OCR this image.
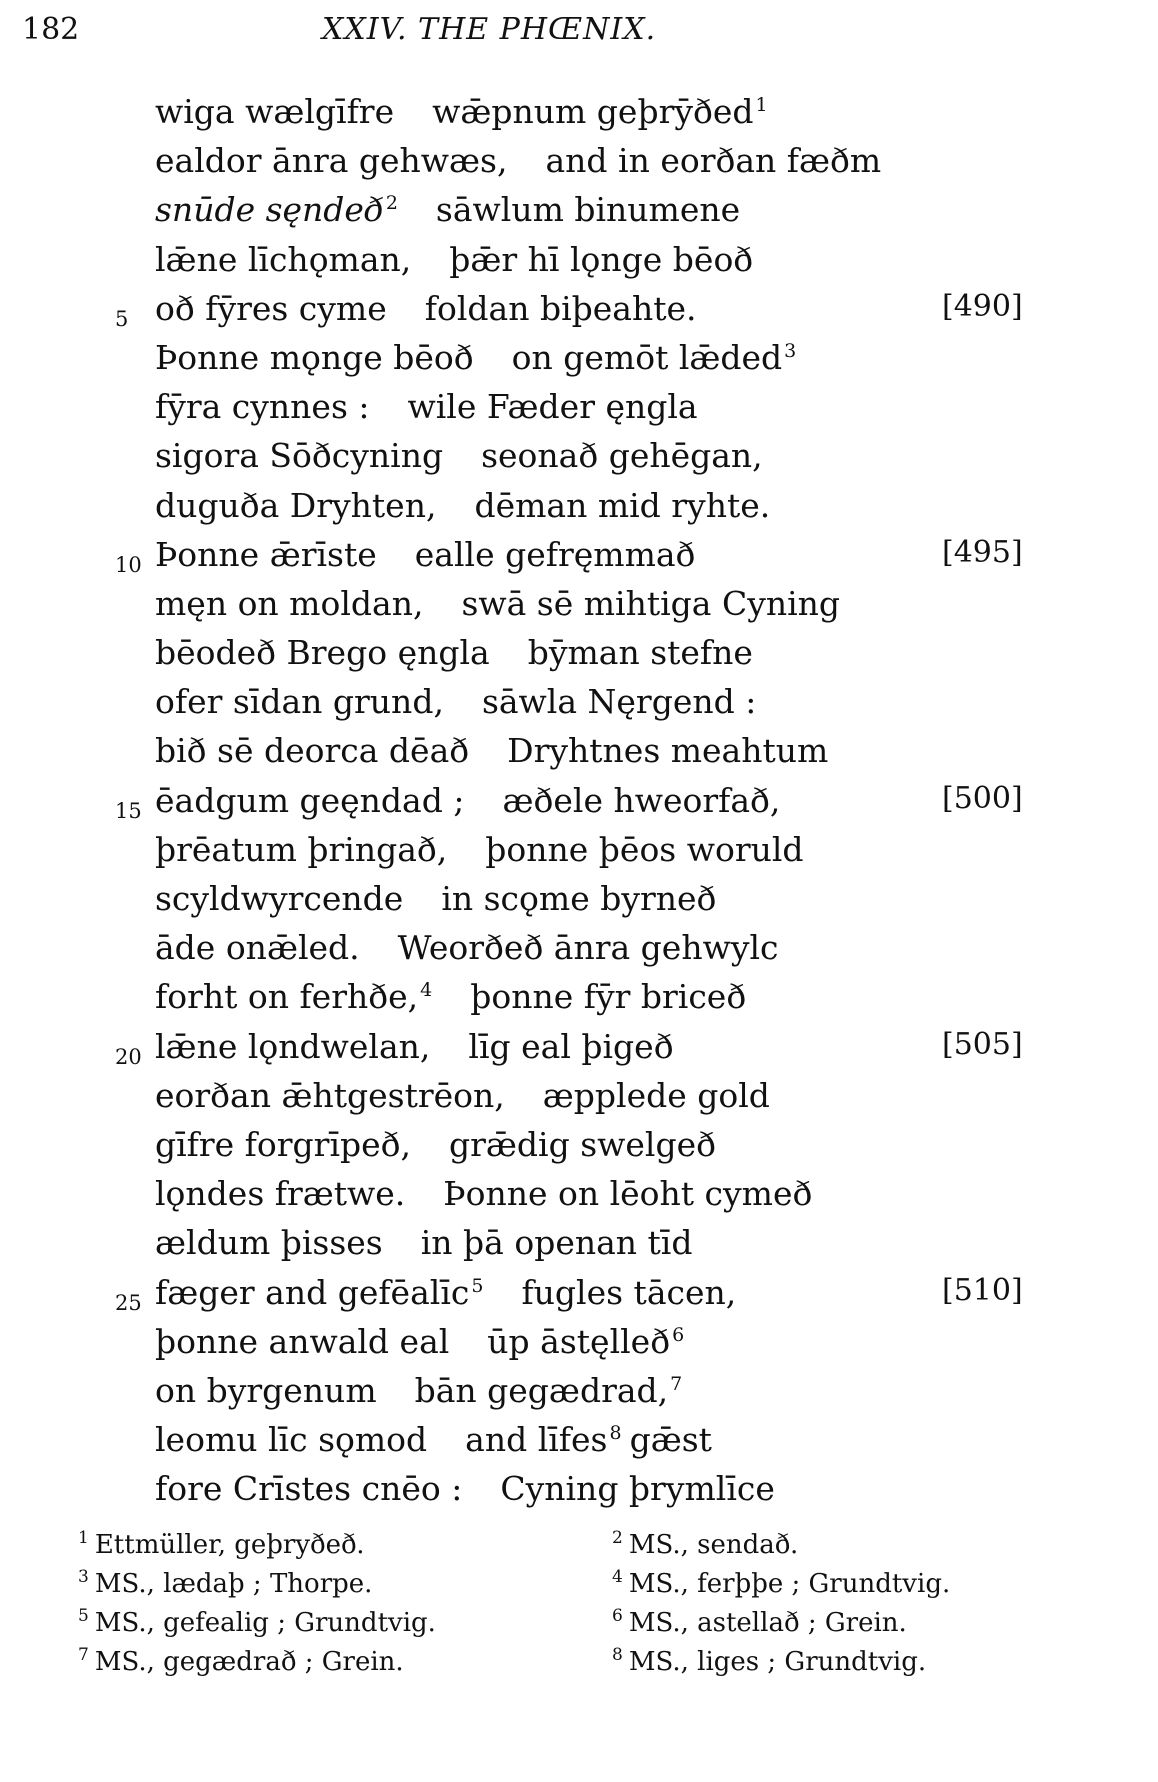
182	XXIV. THE PHŒNIX.
wiga wælgīfre wǣpnum geþrȳðed $^1$
ealdor ānra gehwæs, and in eorðan fæðm
snūde sęndeð $^2$ sāwlum binumene
lǣne līchǫman, þǣr hī lǫnge bēoð
5 oð fȳres cyme foldan biþeahte.	[490]
Þonne mǫnge bēoð on gemōt lǣded $^3$
fȳra cynnes : wile Fæder ęngla
sigora Sōðcyning seonað gehēgan,
duguða Dryhten, dēman mid ryhte.
10 Þonne ǣrīste ealle gefręmmað	[495]
męn on moldan, swā sē mihtiga Cyning
bēodeð Brego ęngla bȳman stefne
ofer sīdan grund, sāwla Nęrgend :
bið sē deorca dēað Dryhtnes meahtum
15 ēadgum geęndad ; æðele hweorfað,	[500]
þrēatum þringað, þonne þēos woruld
scyldwyrcende in scǫme byrneð
āde onǣled. Weorðeð ānra gehwylc
forht on ferhðe, $^4$ þonne fȳr briceð
20 lǣne lǫndwelan, līg eal þigeð	[505]
eorðan ǣhtgestrēon, æpplede gold
gīfre forgrīpeð, grǣdig swelgeð
lǫndes frætwe. Þonne on lēoht cymeð
ældum þisses in þā openan tīd
25 fæger and gefēalīc $^5$ fugles tācen,	[510]
þonne anwald eal ūp āstęlleð $^6$
on byrgenum bān gegædrad, $^7$
leomu līc sǫmod and līfes $^8$ gǣst
fore Crīstes cnēo : Cyning þrymlīce
$^1$ Ettmüller, geþryðeð.	$^2$ MS., sendað.
$^3$ MS., lædaþ ; Thorpe.	$^4$ MS., ferþþe ; Grundtvig.
$^5$ MS., gefealig ; Grundtvig.	$^6$ MS., astellað ; Grein.
$^7$ MS., gegædrað ; Grein.	$^8$ MS., liges ; Grundtvig.
